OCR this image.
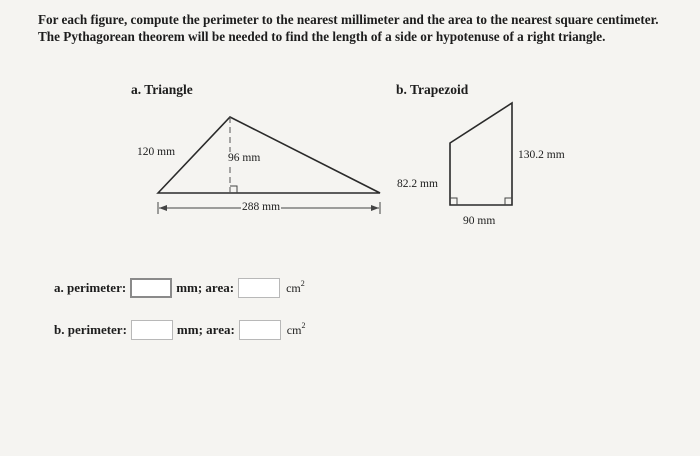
For each figure, compute the perimeter to the nearest millimeter and the area to the nearest square centimeter. The Pythagorean theorem will be needed to find the length of a side or hypotenuse of a right triangle.
a. Triangle
120 mm	96 mm
288 mm
b. Trapezoid
82.2 mm
130.2 mm
90 mm
a. perimeter:	mm; area:	$cm^2$
b. perimeter:	mm; area:	$cm^2$
